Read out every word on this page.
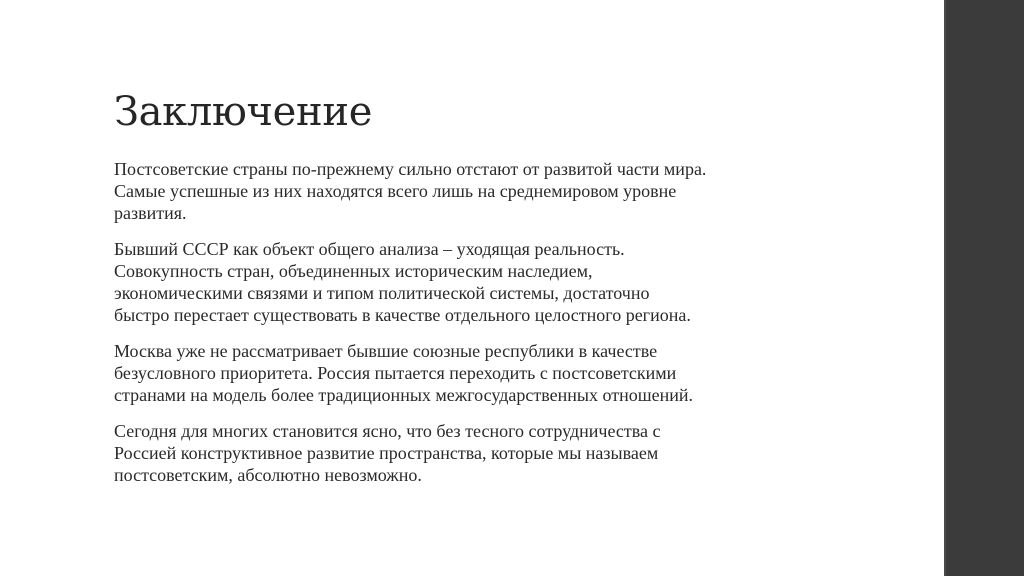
Заключение

Постсоветские страны по-прежнему сильно отстают от развитой части мира.
Самые успешные из них находятся всего лишь на среднемировом уровне
развития.

Бывший СССР как объект общего анализа – уходящая реальность.
Совокупность стран, объединенных историческим наследием,
экономическими связями и типом политической системы, достаточно
быстро перестает существовать в качестве отдельного целостного региона.

Москва уже не рассматривает бывшие союзные республики в качестве
безусловного приоритета. Россия пытается переходить с постсоветскими
странами на модель более традиционных межгосударственных отношений.

Сегодня для многих становится ясно, что без тесного сотрудничества с
Россией конструктивное развитие пространства, которые мы называем
постсоветским, абсолютно невозможно.
